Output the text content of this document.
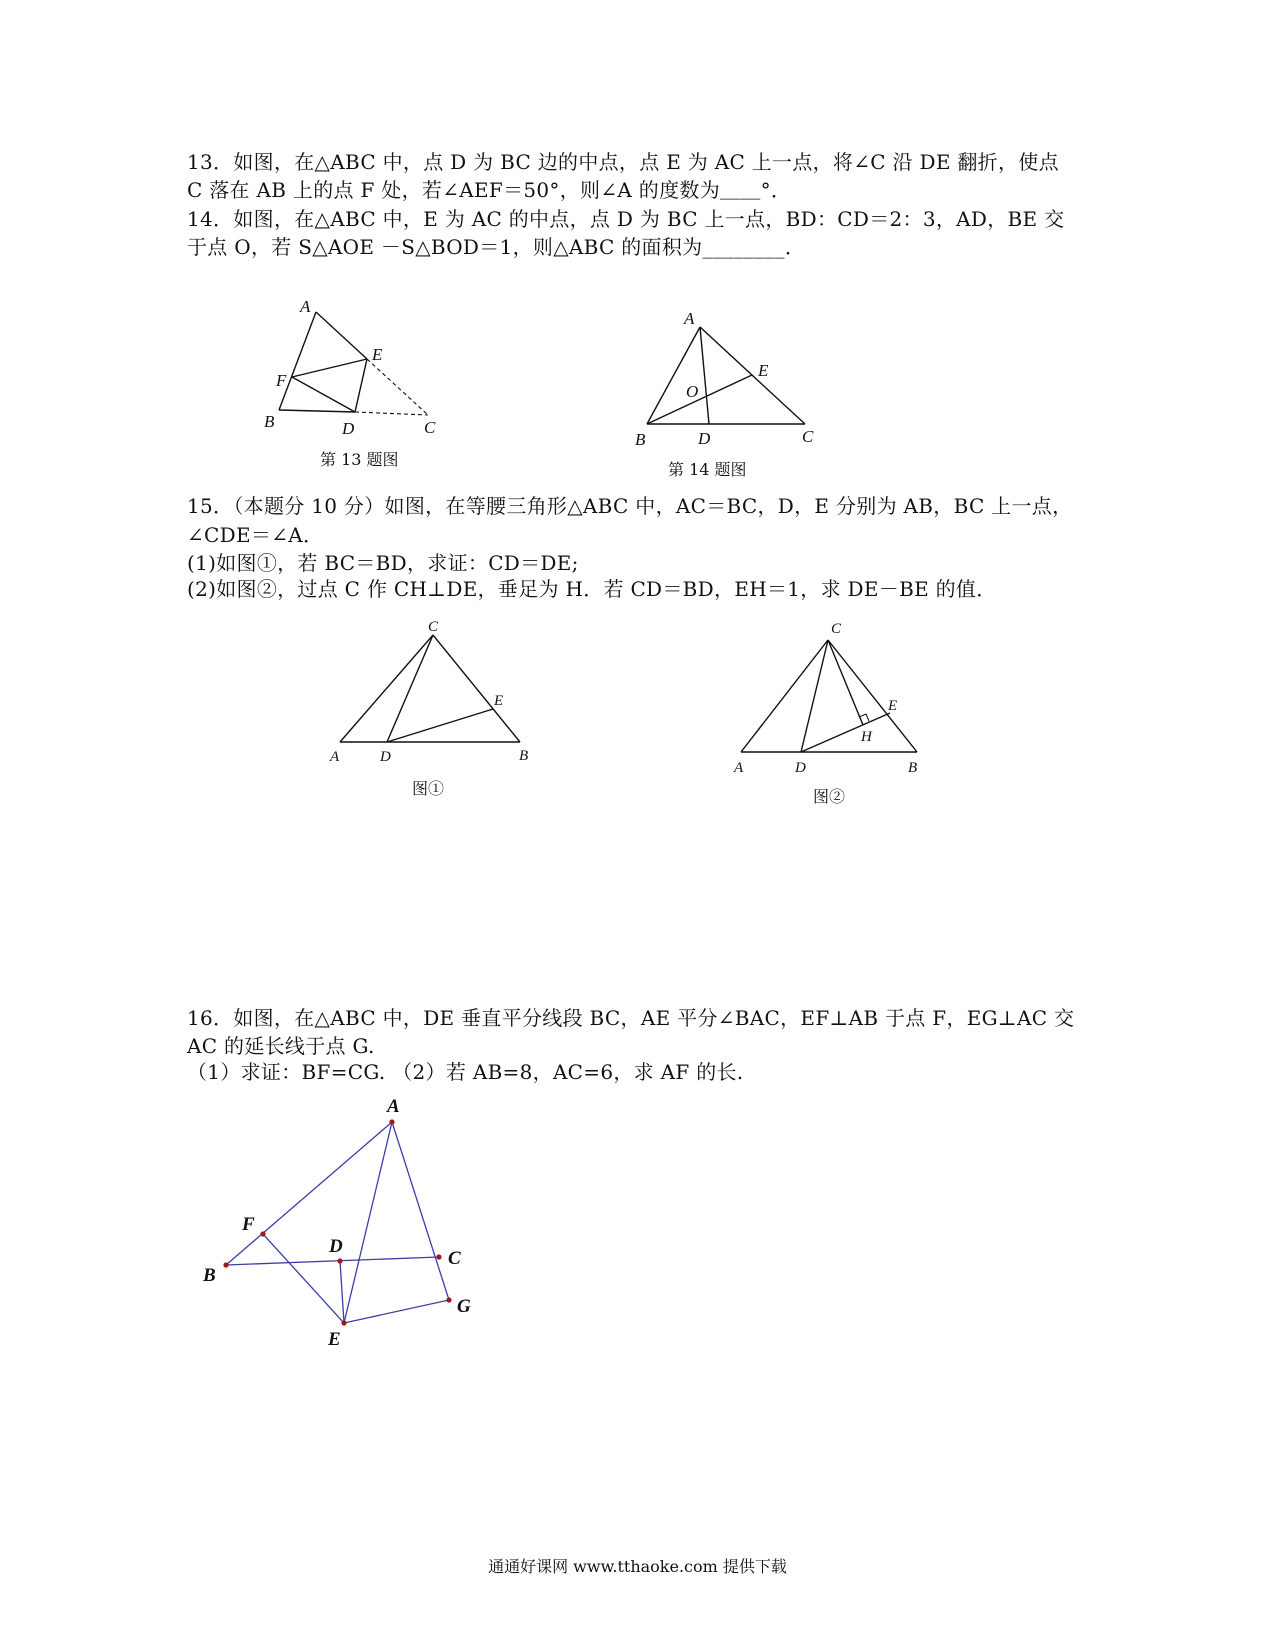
13．如图，在△ABC 中，点 D 为 BC 边的中点，点 E 为 AC 上一点，将∠C 沿 DE 翻折，使点
C 落在 AB 上的点 F 处，若∠AEF＝50°，则∠A 的度数为＿＿°．
14．如图，在△ABC 中，E 为 AC 的中点，点 D 为 BC 上一点，BD：CD＝2：3，AD，BE 交
于点 O，若 S△AOE －S△BOD＝1，则△ABC 的面积为________．
A
E
F
B	D	C
第 13 题图
A
E
O
B	D	C
第 14 题图
15．（本题分 10 分）如图，在等腰三角形△ABC 中，AC＝BC，D，E 分别为 AB，BC 上一点，
∠CDE＝∠A．
(1)如图①，若 BC＝BD，求证：CD＝DE;
(2)如图②，过点 C 作 CH⊥DE，垂足为 H．若 CD＝BD，EH＝1，求 DE－BE 的值．
C
E
A	D	B
图①
C
E
H
A	D	B
图②
16．如图，在△ABC 中，DE 垂直平分线段 BC，AE 平分∠BAC，EF⊥AB 于点 F，EG⊥AC 交
AC 的延长线于点 G.
（1）求证：BF=CG. （2）若 AB=8，AC=6，求 AF 的长.
A
F
D
C
B
G
E
通通好课网 www.tthaoke.com 提供下载
